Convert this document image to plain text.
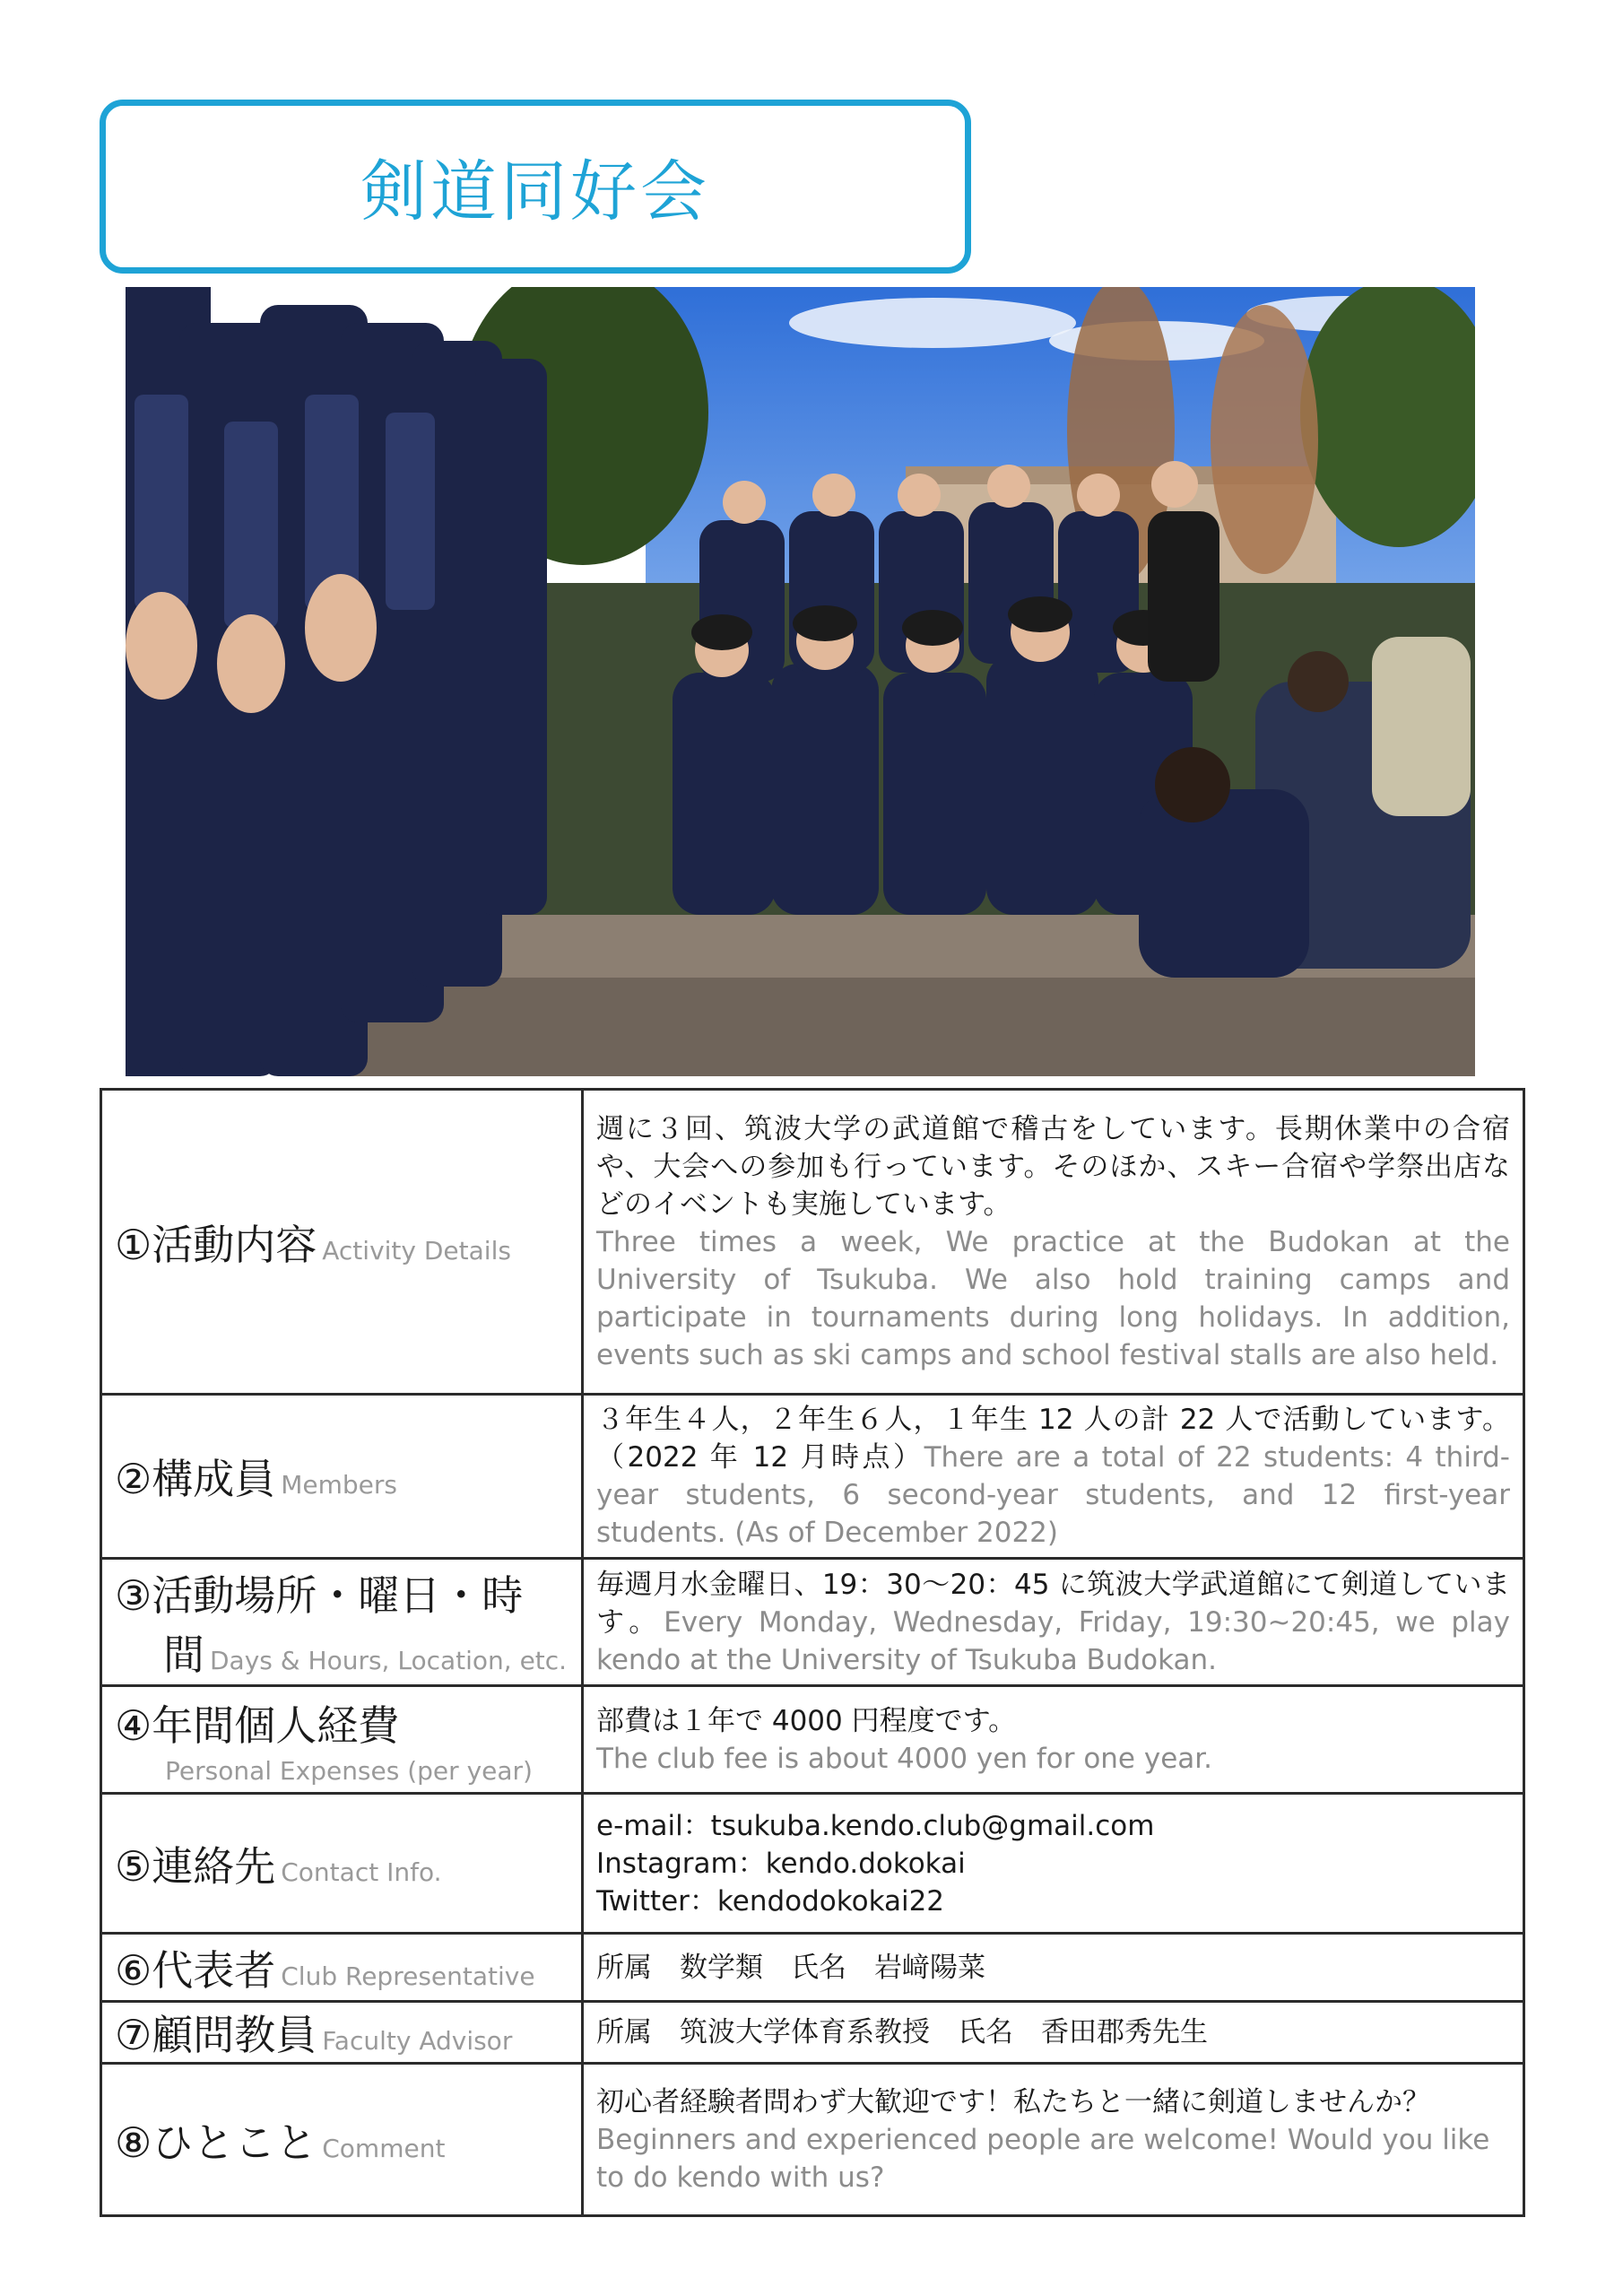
剣道同好会
①活動内容 Activity Details	週に３回、筑波大学の武道館で稽古をしています。長期休業中の合宿や、大会への参加も行っています。そのほか、スキー合宿や学祭出店などのイベントも実施しています。
Three times a week, We practice at the Budokan at the University of Tsukuba. We also hold training camps and participate in tournaments during long holidays. In addition, events such as ski camps and school festival stalls are also held.

②構成員 Members	３年生４人，２年生６人，１年生 12 人の計 22 人で活動しています。（2022 年 12 月時点）There are a total of 22 students: 4 third-year students, 6 second-year students, and 12 first-year students. (As of December 2022)
③活動場所・曜日・時
間 Days & Hours, Location, etc.	毎週月水金曜日、19：30～20：45 に筑波大学武道館にて剣道しています。Every Monday, Wednesday, Friday, 19:30~20:45, we play kendo at the University of Tsukuba Budokan.
④年間個人経費
Personal Expenses (per year)	部費は１年で 4000 円程度です。
The club fee is about 4000 yen for one year.

⑤連絡先 Contact Info.	e-mail：tsukuba.kendo.club@gmail.com
Instagram：kendo.dokokai
Twitter：kendodokokai22

⑥代表者 Club Representative	所属　数学類　氏名　岩﨑陽菜
⑦顧問教員 Faculty Advisor	所属　筑波大学体育系教授　氏名　香田郡秀先生
⑧ひとこと Comment	初心者経験者問わず大歓迎です！私たちと一緒に剣道しませんか？
Beginners and experienced people are welcome! Would you like to do kendo with us?
